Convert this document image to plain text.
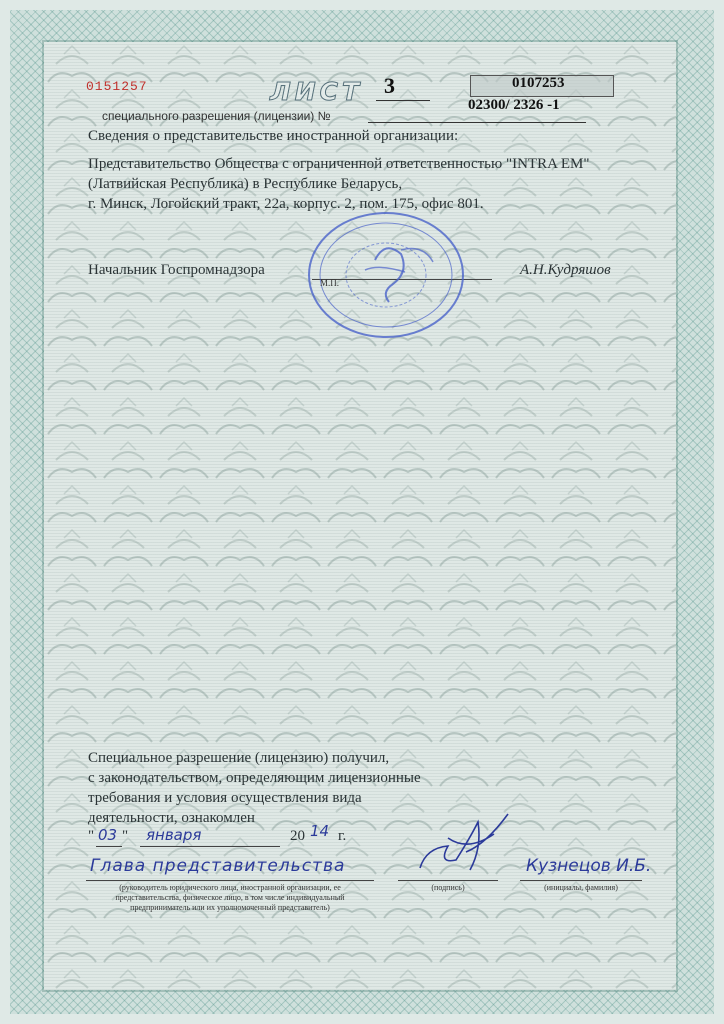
0151257	ЛИСТ 3	0107253
02300/ 2326 -1
специального разрешения (лицензии) №
Сведения о представительстве иностранной организации:
Представительство Общества с ограниченной ответственностью "INTRA EM"
(Латвийская Республика) в Республике Беларусь,
г. Минск, Логойский тракт, 22а, корпус. 2, пом. 175, офис 801.
Начальник Госпромнадзора	А.Н.Кудряшов
М.П.
Специальное разрешение (лицензию) получил,
с законодательством, определяющим лицензионные
требования и условия осуществления вида
деятельности, ознакомлен
" 03 " января	20 14 г.
Глава представительства
(руководитель юридического лица, иностранной организации, ее представительства, физическое лицо, в том числе индивидуальный предприниматель или их уполномоченный представитель)
(подпись)
Кузнецов И.Б.
(инициалы, фамилия)
